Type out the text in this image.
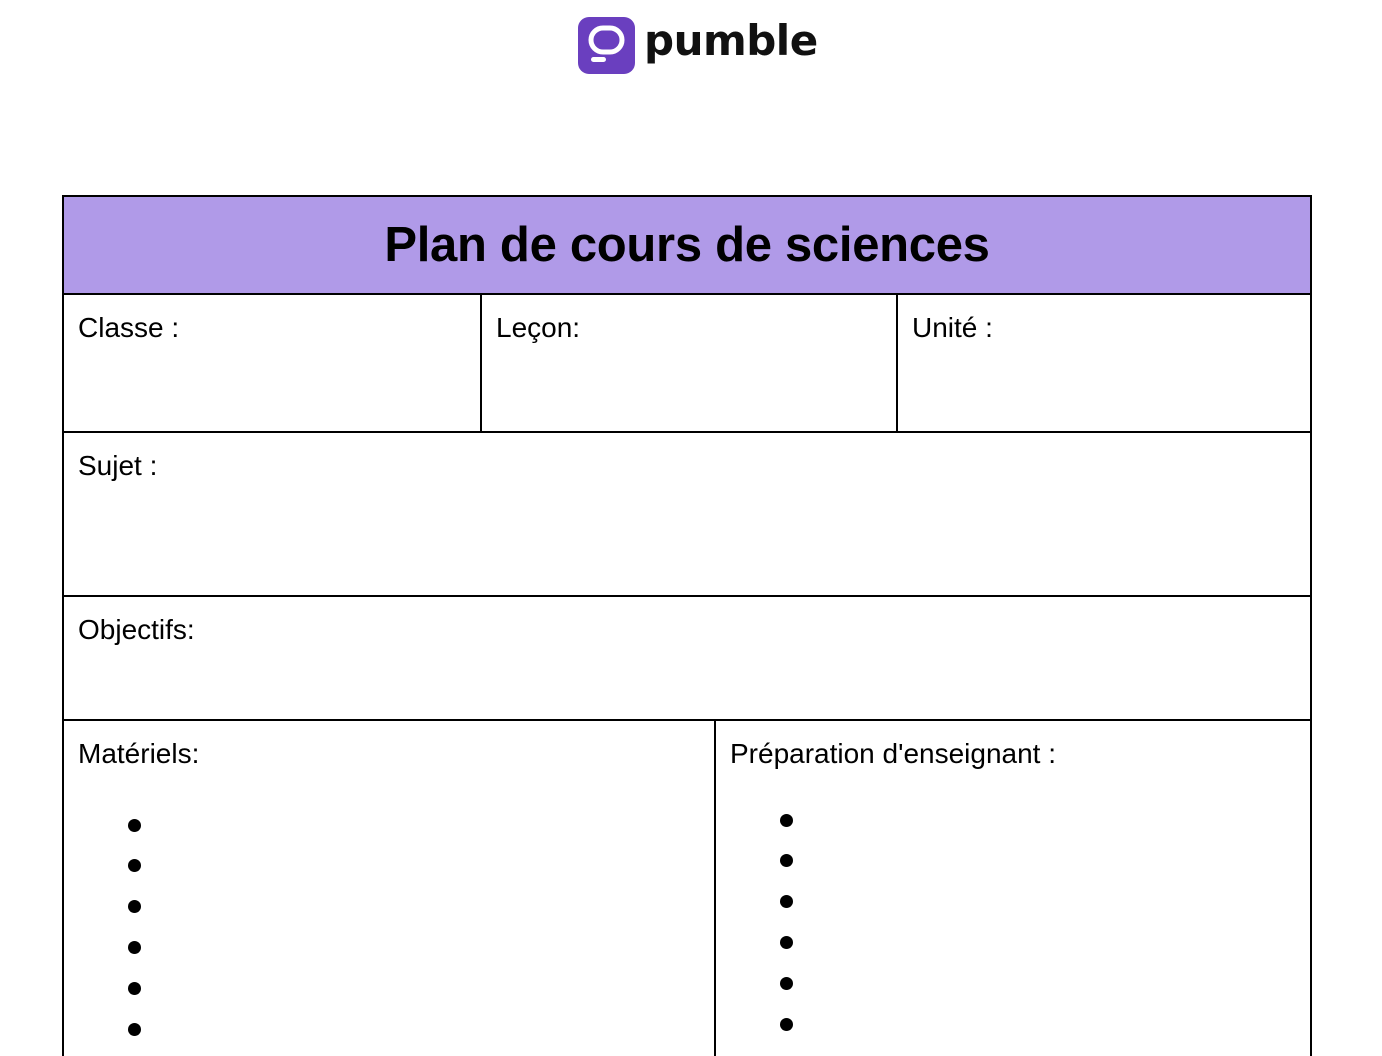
pumble
Plan de cours de sciences
Classe :	Leçon:	Unité :
Sujet :
Objectifs:
Matériels:	Préparation d'enseignant :
